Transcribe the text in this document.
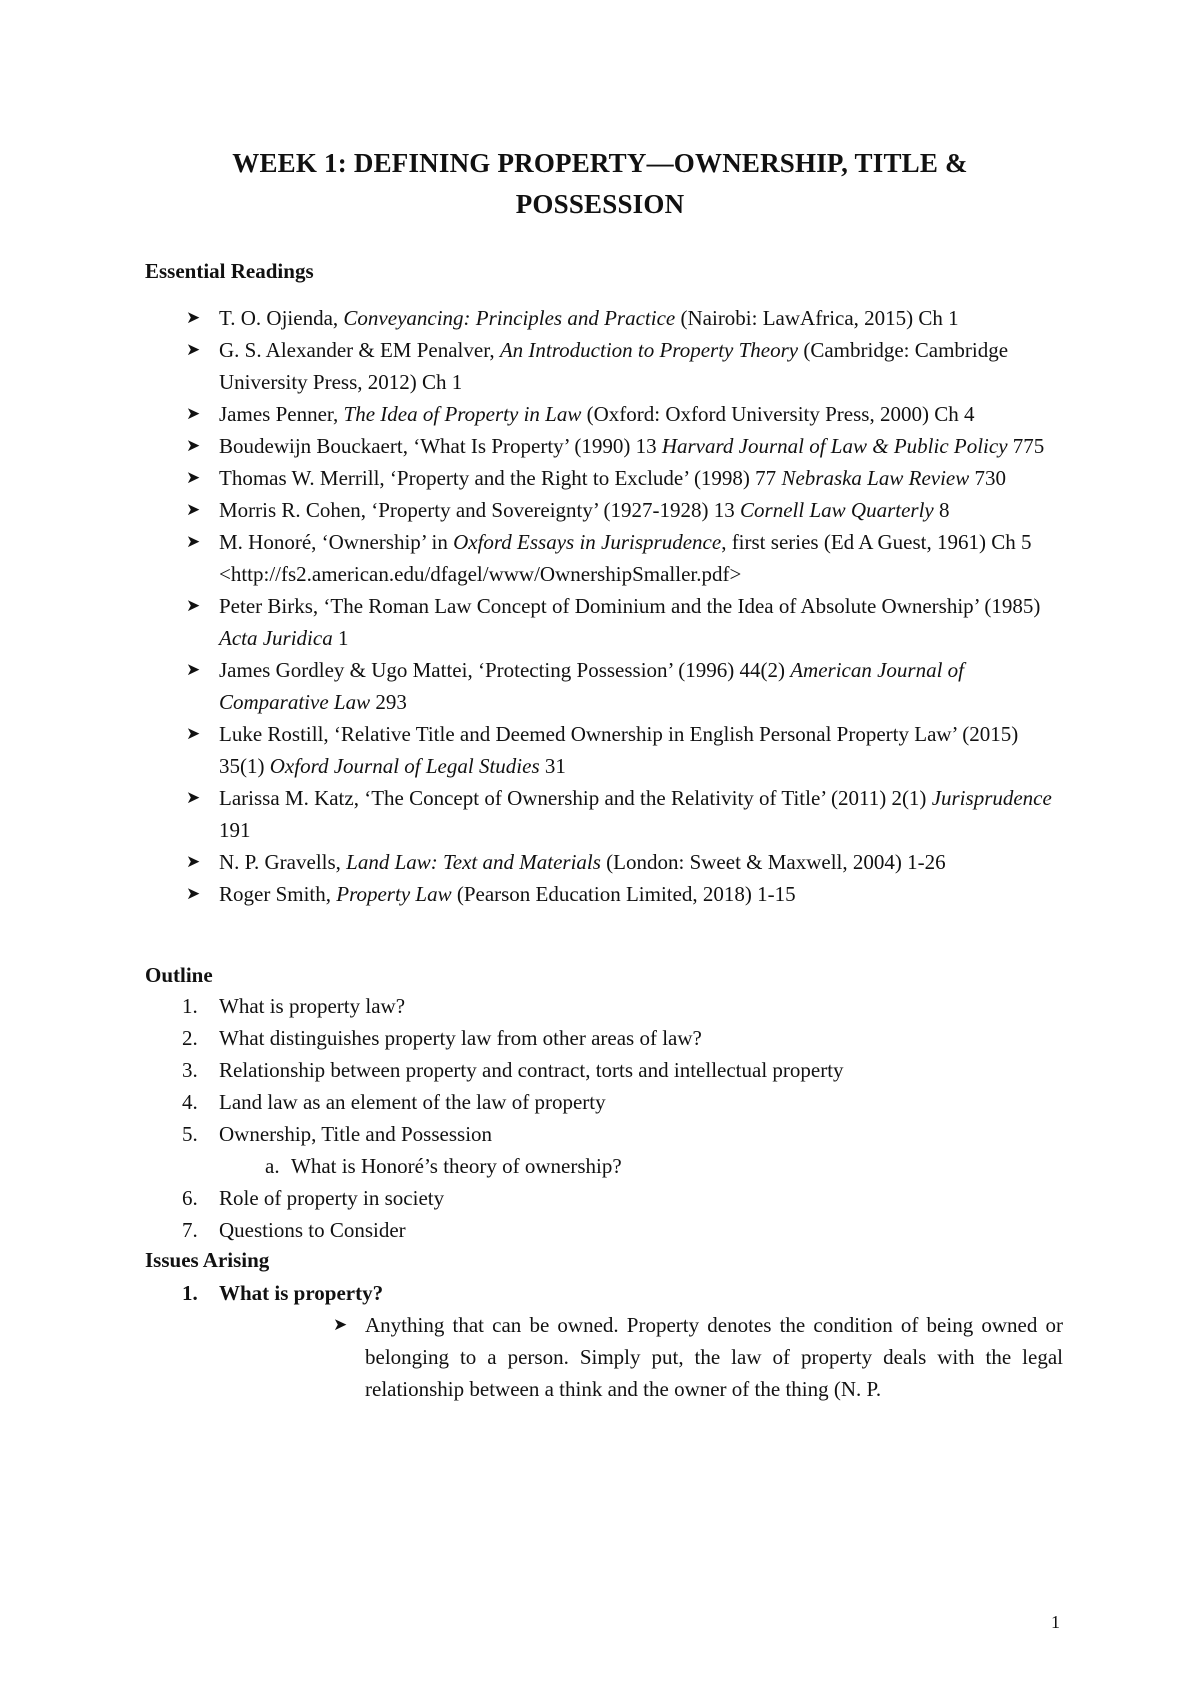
WEEK 1: DEFINING PROPERTY—OWNERSHIP, TITLE &
POSSESSION
Essential Readings
➤ T. O. Ojienda, Conveyancing: Principles and Practice (Nairobi: LawAfrica, 2015) Ch 1
➤ G. S. Alexander & EM Penalver, An Introduction to Property Theory (Cambridge: Cambridge University Press, 2012) Ch 1
➤ James Penner, The Idea of Property in Law (Oxford: Oxford University Press, 2000) Ch 4
➤ Boudewijn Bouckaert, ‘What Is Property’ (1990) 13 Harvard Journal of Law & Public Policy 775
➤ Thomas W. Merrill, ‘Property and the Right to Exclude’ (1998) 77 Nebraska Law Review 730
➤ Morris R. Cohen, ‘Property and Sovereignty’ (1927-1928) 13 Cornell Law Quarterly 8
➤ M. Honoré, ‘Ownership’ in Oxford Essays in Jurisprudence, first series (Ed A Guest, 1961) Ch 5 <http://fs2.american.edu/dfagel/www/OwnershipSmaller.pdf>
➤ Peter Birks, ‘The Roman Law Concept of Dominium and the Idea of Absolute Ownership’ (1985) Acta Juridica 1
➤ James Gordley & Ugo Mattei, ‘Protecting Possession’ (1996) 44(2) American Journal of Comparative Law 293
➤ Luke Rostill, ‘Relative Title and Deemed Ownership in English Personal Property Law’ (2015) 35(1) Oxford Journal of Legal Studies 31
➤ Larissa M. Katz, ‘The Concept of Ownership and the Relativity of Title’ (2011) 2(1) Jurisprudence 191
➤ N. P. Gravells, Land Law: Text and Materials (London: Sweet & Maxwell, 2004) 1-26
➤ Roger Smith, Property Law (Pearson Education Limited, 2018) 1-15
Outline
1.	What is property law?
2.	What distinguishes property law from other areas of law?
3.	Relationship between property and contract, torts and intellectual property
4.	Land law as an element of the law of property
5.	Ownership, Title and Possession
a. What is Honoré’s theory of ownership?
6.	Role of property in society
7.	Questions to Consider
Issues Arising
1. What is property?
➤ Anything that can be owned. Property denotes the condition of being owned or belonging to a person. Simply put, the law of property deals with the legal relationship between a think and the owner of the thing (N. P.
1
